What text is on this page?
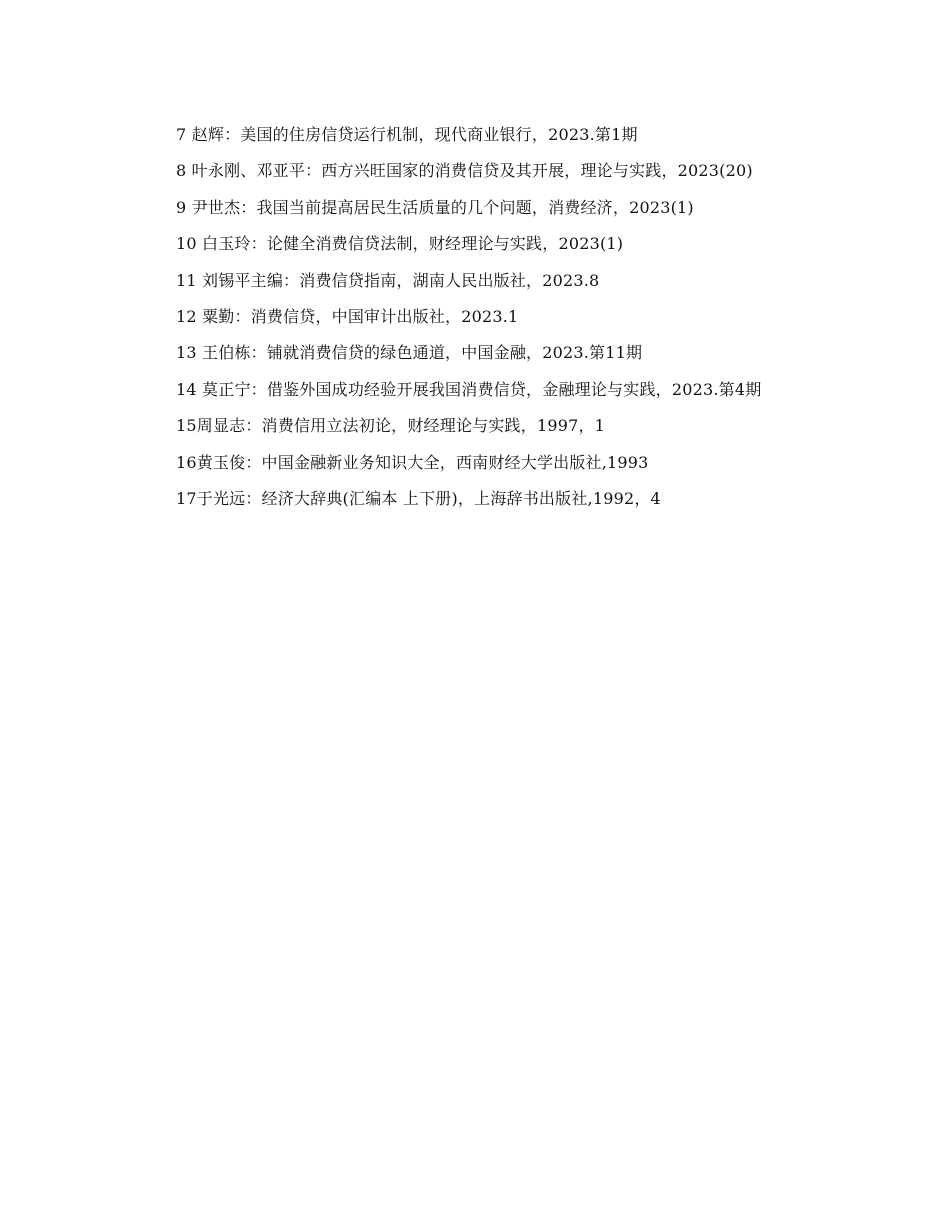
7 赵辉：美国的住房信贷运行机制，现代商业银行，2023.第1期
8 叶永刚、邓亚平：西方兴旺国家的消费信贷及其开展，理论与实践，2023(20)
9 尹世杰：我国当前提高居民生活质量的几个问题，消费经济，2023(1)
10 白玉玲：论健全消费信贷法制，财经理论与实践，2023(1)
11 刘锡平主编：消费信贷指南，湖南人民出版社，2023.8
12 粟勤：消费信贷，中国审计出版社，2023.1
13 王伯栋：铺就消费信贷的绿色通道，中国金融，2023.第11期
14 莫正宁：借鉴外国成功经验开展我国消费信贷，金融理论与实践，2023.第4期
15周显志：消费信用立法初论，财经理论与实践，1997，1
16黄玉俊：中国金融新业务知识大全，西南财经大学出版社,1993
17于光远：经济大辞典(汇编本 上下册)，上海辞书出版社,1992，4
